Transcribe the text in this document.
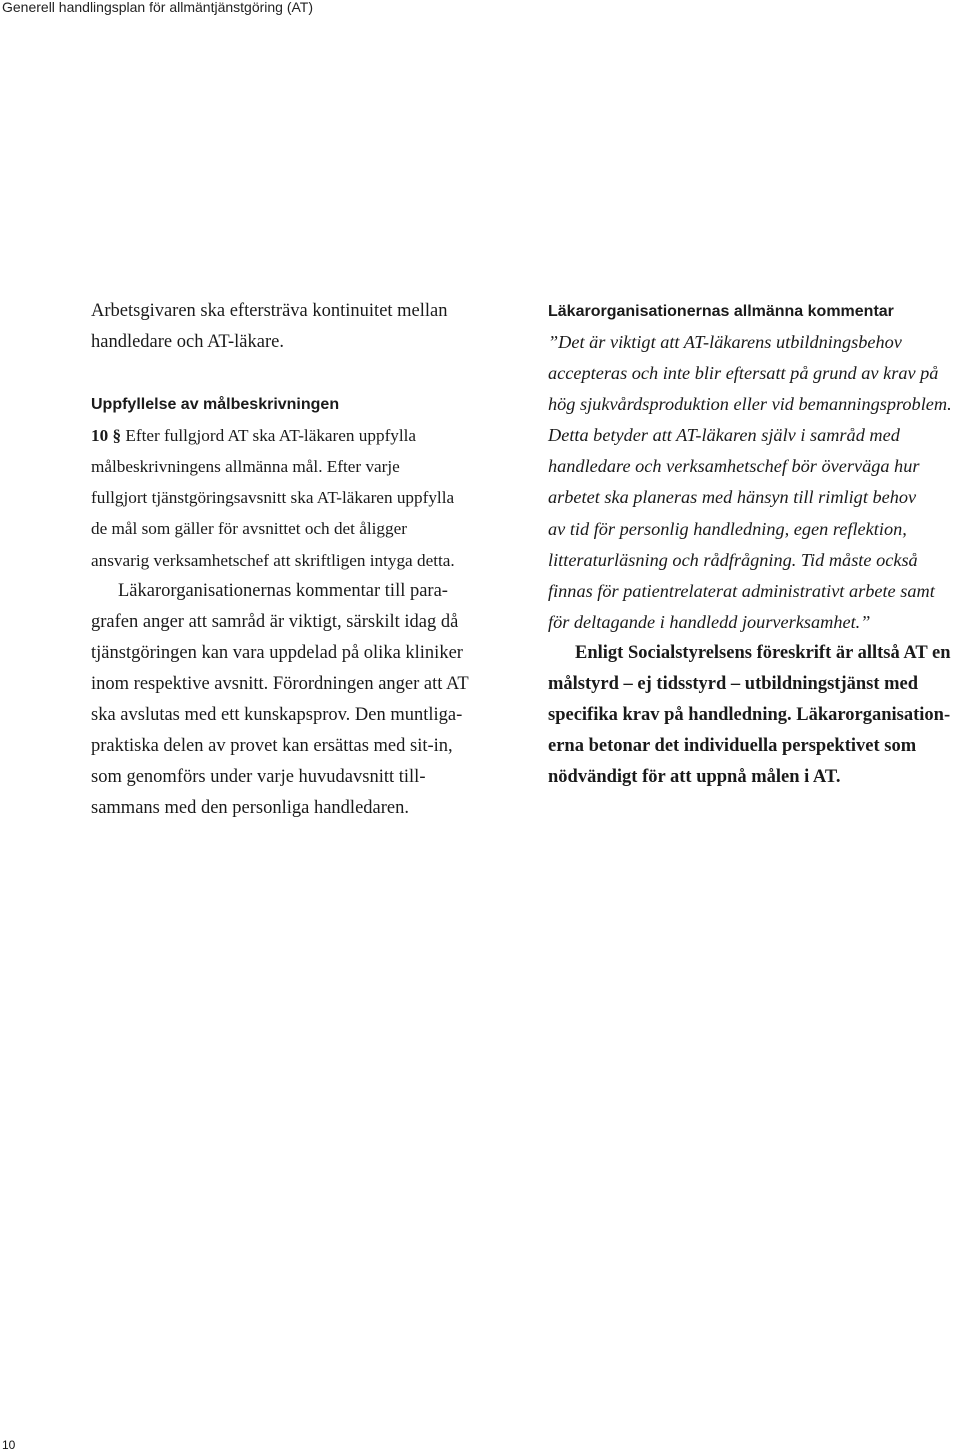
Generell handlingsplan för allmäntjänstgöring (AT)
Arbetsgivaren ska eftersträva kontinuitet mellan
handledare och AT-läkare.
Uppfyllelse av målbeskrivningen
10 § Efter fullgjord AT ska AT-läkaren uppfylla
målbeskrivningens allmänna mål. Efter varje
fullgjort tjänstgöringsavsnitt ska AT-läkaren uppfylla
de mål som gäller för avsnittet och det åligger
ansvarig verksamhetschef att skriftligen intyga detta.
Läkarorganisationernas kommentar till para-
grafen anger att samråd är viktigt, särskilt idag då
tjänstgöringen kan vara uppdelad på olika kliniker
inom respektive avsnitt. Förordningen anger att AT
ska avslutas med ett kunskapsprov. Den muntliga-
praktiska delen av provet kan ersättas med sit-in,
som genomförs under varje huvudavsnitt till-
sammans med den personliga handledaren.
Läkarorganisationernas allmänna kommentar
”Det är viktigt att AT-läkarens utbildningsbehov
accepteras och inte blir eftersatt på grund av krav på
hög sjukvårdsproduktion eller vid bemanningsproblem.
Detta betyder att AT-läkaren själv i samråd med
handledare och verksamhetschef bör överväga hur
arbetet ska planeras med hänsyn till rimligt behov
av tid för personlig handledning, egen reflektion,
litteraturläsning och rådfrågning. Tid måste också
finnas för patientrelaterat administrativt arbete samt
för deltagande i handledd jourverksamhet.”
Enligt Socialstyrelsens föreskrift är alltså AT en
målstyrd – ej tidsstyrd – utbildningstjänst med
specifika krav på handledning. Läkarorganisation-
erna betonar det individuella perspektivet som
nödvändigt för att uppnå målen i AT.
10
